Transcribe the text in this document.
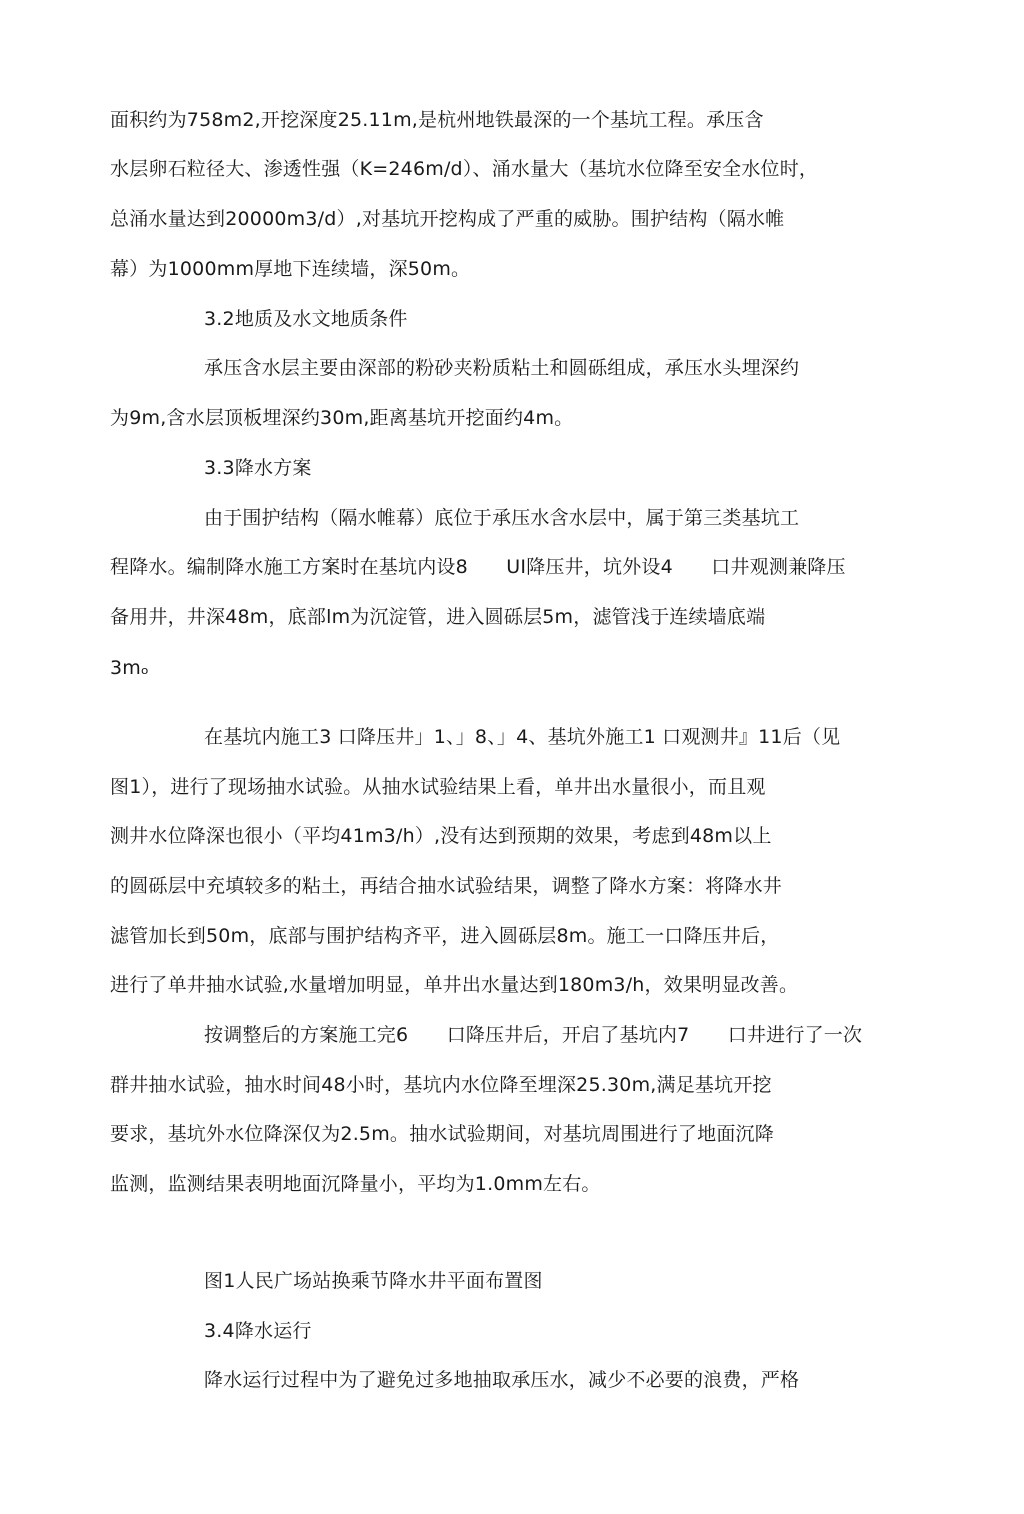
面积约为758m2,开挖深度25.11m,是杭州地铁最深的一个基坑工程。承压含
水层卵石粒径大、渗透性强（K=246m/d）、涌水量大（基坑水位降至安全水位时，
总涌水量达到20000m3/d）,对基坑开挖构成了严重的威胁。围护结构（隔水帷
幕）为1000mm厚地下连续墙，深50m。
3.2地质及水文地质条件
承压含水层主要由深部的粉砂夹粉质粘土和圆砾组成，承压水头埋深约
为9m,含水层顶板埋深约30m,距离基坑开挖面约4m。
3.3降水方案
由于围护结构（隔水帷幕）底位于承压水含水层中，属于第三类基坑工
程降水。编制降水施工方案时在基坑内设8　　UI降压井，坑外设4　　口井观测兼降压
备用井，井深48m，底部lm为沉淀管，进入圆砾层5m，滤管浅于连续墙底端
3mₒ
在基坑内施工3 口降压井」1、」8、」4、基坑外施工1 口观测井』11后（见
图1），进行了现场抽水试验。从抽水试验结果上看，单井出水量很小，而且观
测井水位降深也很小（平均41m3/h）,没有达到预期的效果，考虑到48m以上
的圆砾层中充填较多的粘土，再结合抽水试验结果，调整了降水方案：将降水井
滤管加长到50m，底部与围护结构齐平，进入圆砾层8m。施工一口降压井后，
进行了单井抽水试验,水量增加明显，单井出水量达到180m3/h，效果明显改善。
按调整后的方案施工完6　　口降压井后，开启了基坑内7　　口井进行了一次
群井抽水试验，抽水时间48小时，基坑内水位降至埋深25.30m,满足基坑开挖
要求，基坑外水位降深仅为2.5m。抽水试验期间，对基坑周围进行了地面沉降
监测，监测结果表明地面沉降量小，平均为1.0mm左右。
图1人民广场站换乘节降水井平面布置图
3.4降水运行
降水运行过程中为了避免过多地抽取承压水，减少不必要的浪费，严格
